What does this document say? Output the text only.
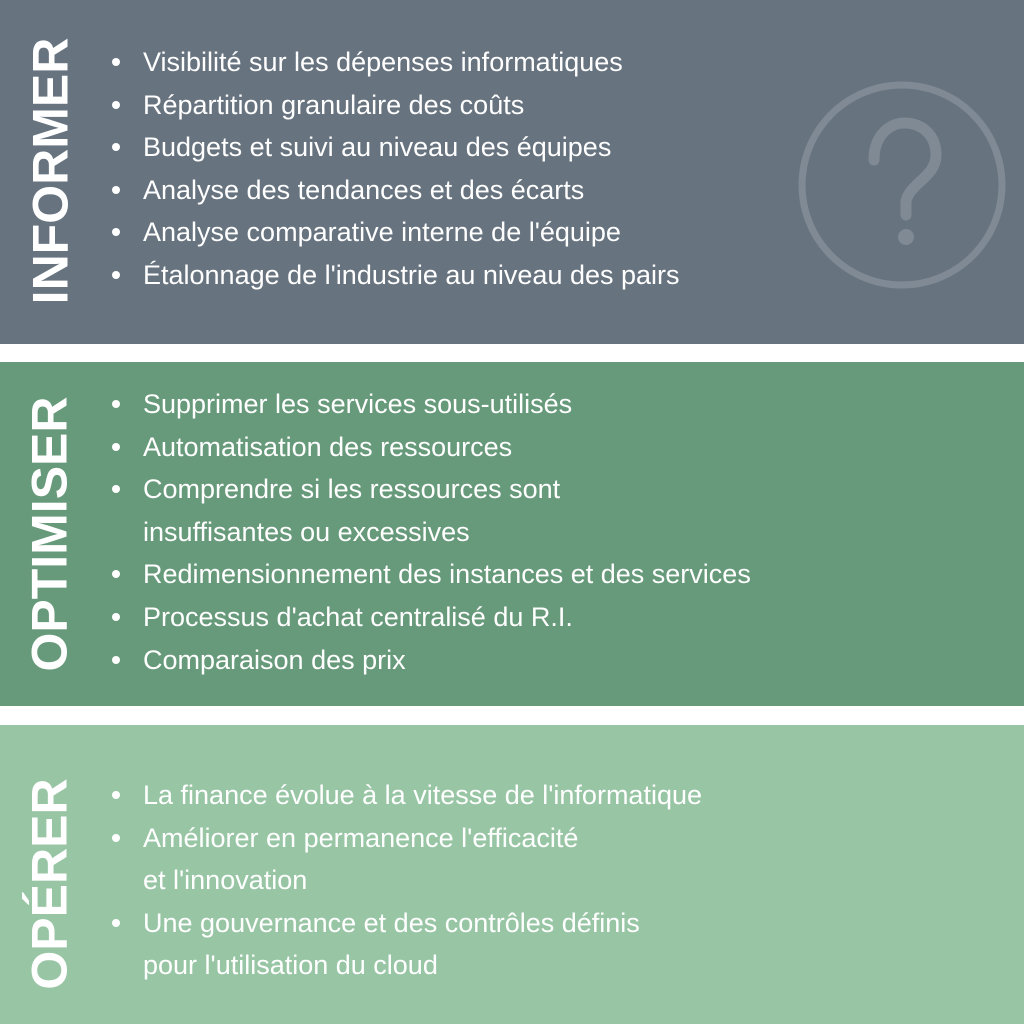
INFORMER	Visibilité sur les dépenses informatiques
Répartition granulaire des coûts
Budgets et suivi au niveau des équipes
Analyse des tendances et des écarts
Analyse comparative interne de l'équipe
Étalonnage de l'industrie au niveau des pairs
OPTIMISER	Supprimer les services sous-utilisés
Automatisation des ressources
Comprendre si les ressources sont
insuffisantes ou excessives
Redimensionnement des instances et des services
Processus d'achat centralisé du R.I.
Comparaison des prix
OPÉRER	La finance évolue à la vitesse de l'informatique
Améliorer en permanence l'efficacité
et l'innovation
Une gouvernance et des contrôles définis
pour l'utilisation du cloud
